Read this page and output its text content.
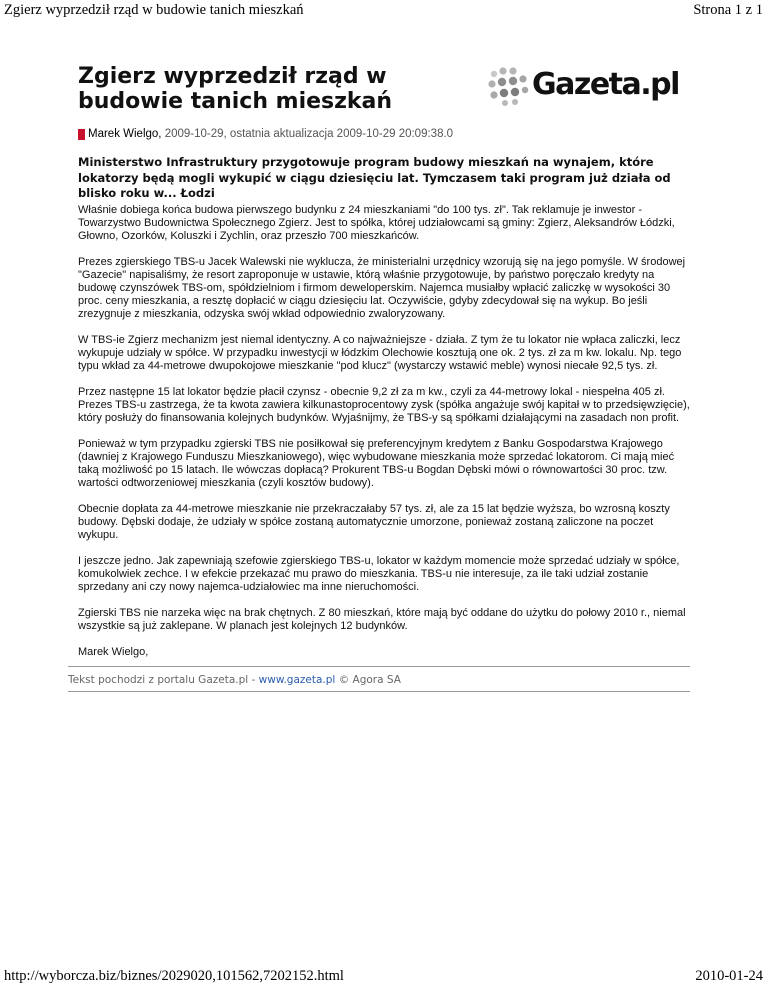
Zgierz wyprzedził rząd w budowie tanich mieszkań	Strona 1 z 1
Zgierz wyprzedził rząd w budowie tanich mieszkań	Gazeta.pl
Marek Wielgo,
2009-10-29, ostatnia aktualizacja 2009-10-29 20:09:38.0

Ministerstwo Infrastruktury przygotowuje program budowy mieszkań na wynajem, które lokatorzy będą mogli wykupić w ciągu dziesięciu lat. Tymczasem taki program już działa od blisko roku w... Łodzi

Właśnie dobiega końca budowa pierwszego budynku z 24 mieszkaniami "do 100 tys. zł". Tak reklamuje je inwestor - Towarzystwo Budownictwa Społecznego Zgierz. Jest to spółka, której udziałowcami są gminy: Zgierz, Aleksandrów Łódzki, Głowno, Ozorków, Koluszki i Zychlin, oraz przeszło 700 mieszkańców.

Prezes zgierskiego TBS-u Jacek Walewski nie wyklucza, że ministerialni urzędnicy wzorują się na jego pomyśle. W środowej "Gazecie" napisaliśmy, że resort zaproponuje w ustawie, którą właśnie przygotowuje, by państwo poręczało kredyty na budowę czynszówek TBS-om, spółdzielniom i firmom deweloperskim. Najemca musiałby wpłacić zaliczkę w wysokości 30 proc. ceny mieszkania, a resztę dopłacić w ciągu dziesięciu lat. Oczywiście, gdyby zdecydował się na wykup. Bo jeśli zrezygnuje z mieszkania, odzyska swój wkład odpowiednio zwaloryzowany.

W TBS-ie Zgierz mechanizm jest niemal identyczny. A co najważniejsze - działa. Z tym że tu lokator nie wpłaca zaliczki, lecz wykupuje udziały w spółce. W przypadku inwestycji w łódzkim Olechowie kosztują one ok. 2 tys. zł za m kw. lokalu. Np. tego typu wkład za 44-metrowe dwupokojowe mieszkanie "pod klucz" (wystarczy wstawić meble) wynosi niecałe 92,5 tys. zł.

Przez następne 15 lat lokator będzie płacił czynsz - obecnie 9,2 zł za m kw., czyli za 44-metrowy lokal - niespełna 405 zł. Prezes TBS-u zastrzega, że ta kwota zawiera kilkunastoprocentowy zysk (spółka angażuje swój kapitał w to przedsięwzięcie), który posłuży do finansowania kolejnych budynków. Wyjaśnijmy, że TBS-y są spółkami działającymi na zasadach non profit.

Ponieważ w tym przypadku zgierski TBS nie posiłkował się preferencyjnym kredytem z Banku Gospodarstwa Krajowego (dawniej z Krajowego Funduszu Mieszkaniowego), więc wybudowane mieszkania może sprzedać lokatorom. Ci mają mieć taką możliwość po 15 latach. Ile wówczas dopłacą? Prokurent TBS-u Bogdan Dębski mówi o równowartości 30 proc. tzw. wartości odtworzeniowej mieszkania (czyli kosztów budowy).

Obecnie dopłata za 44-metrowe mieszkanie nie przekraczałaby 57 tys. zł, ale za 15 lat będzie wyższa, bo wzrosną koszty budowy. Dębski dodaje, że udziały w spółce zostaną automatycznie umorzone, ponieważ zostaną zaliczone na poczet wykupu.

I jeszcze jedno. Jak zapewniają szefowie zgierskiego TBS-u, lokator w każdym momencie może sprzedać udziały w spółce, komukolwiek zechce. I w efekcie przekazać mu prawo do mieszkania. TBS-u nie interesuje, za ile taki udział zostanie sprzedany ani czy nowy najemca-udziałowiec ma inne nieruchomości.

Zgierski TBS nie narzeka więc na brak chętnych. Z 80 mieszkań, które mają być oddane do użytku do połowy 2010 r., niemal wszystkie są już zaklepane. W planach jest kolejnych 12 budynków.

Marek Wielgo,

Tekst pochodzi z portalu Gazeta.pl - www.gazeta.pl © Agora SA
http://wyborcza.biz/biznes/2029020,101562,7202152.html	2010-01-24
